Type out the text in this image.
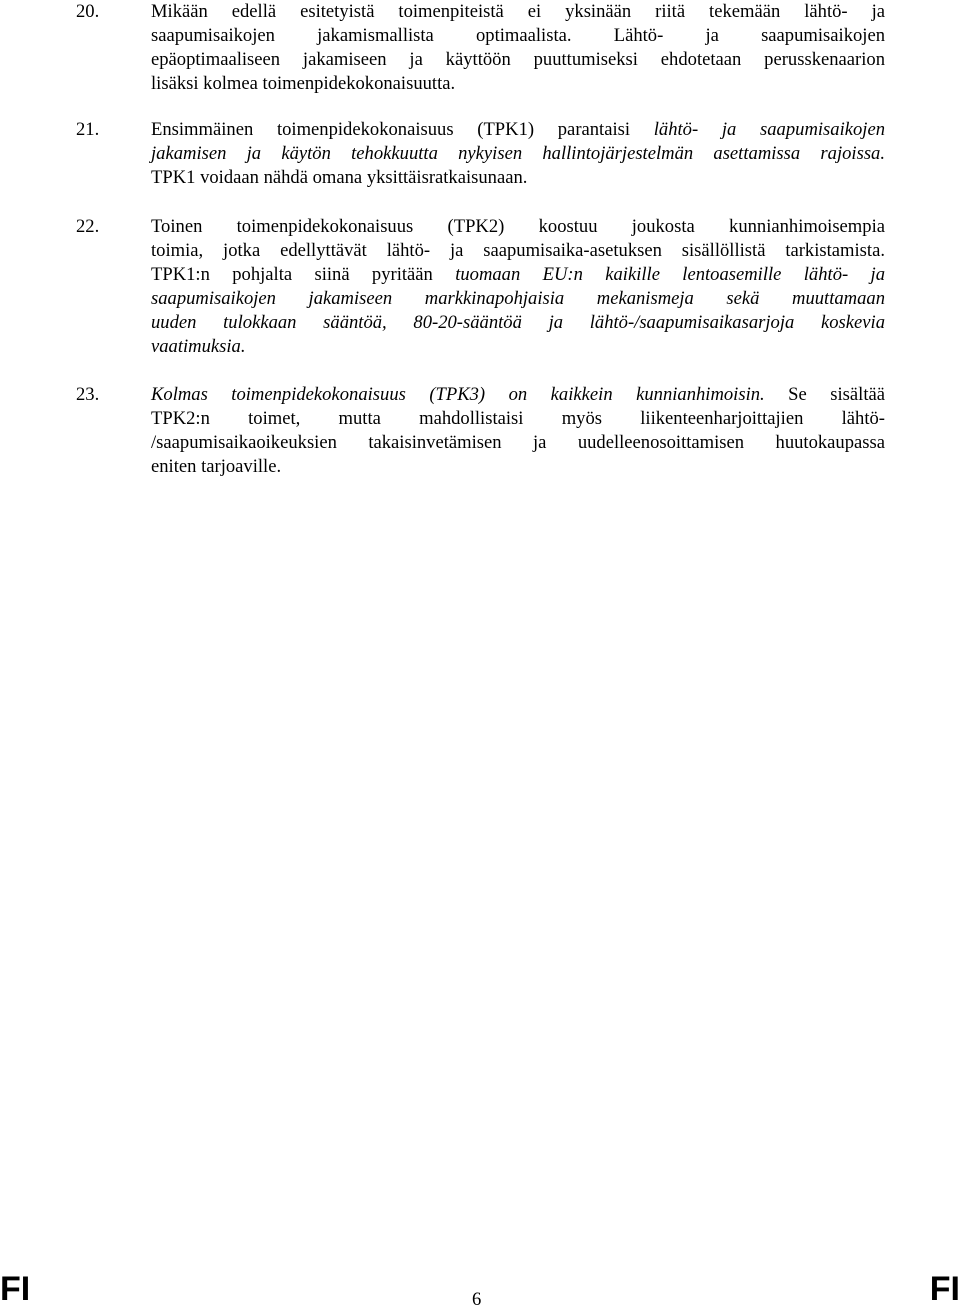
20.	Mikään edellä esitetyistä toimenpiteistä ei yksinään riitä tekemään lähtö- ja
saapumisaikojen jakamismallista optimaalista. Lähtö- ja saapumisaikojen
epäoptimaaliseen jakamiseen ja käyttöön puuttumiseksi ehdotetaan perusskenaarion
lisäksi kolmea toimenpidekokonaisuutta.
21.	Ensimmäinen toimenpidekokonaisuus (TPK1) parantaisi lähtö- ja saapumisaikojen
jakamisen ja käytön tehokkuutta nykyisen hallintojärjestelmän asettamissa rajoissa.
TPK1 voidaan nähdä omana yksittäisratkaisunaan.
22.	Toinen toimenpidekokonaisuus (TPK2) koostuu joukosta kunnianhimoisempia
toimia, jotka edellyttävät lähtö- ja saapumisaika-asetuksen sisällöllistä tarkistamista.
TPK1:n pohjalta siinä pyritään tuomaan EU:n kaikille lentoasemille lähtö- ja
saapumisaikojen jakamiseen markkinapohjaisia mekanismeja sekä muuttamaan
uuden tulokkaan sääntöä, 80-20-sääntöä ja lähtö-/saapumisaikasarjoja koskevia
vaatimuksia.
23.	Kolmas toimenpidekokonaisuus (TPK3) on kaikkein kunnianhimoisin. Se sisältää
TPK2:n toimet, mutta mahdollistaisi myös liikenteenharjoittajien lähtö-
/saapumisaikaoikeuksien takaisinvetämisen ja uudelleenosoittamisen huutokaupassa
eniten tarjoaville.
FI	6	FI
